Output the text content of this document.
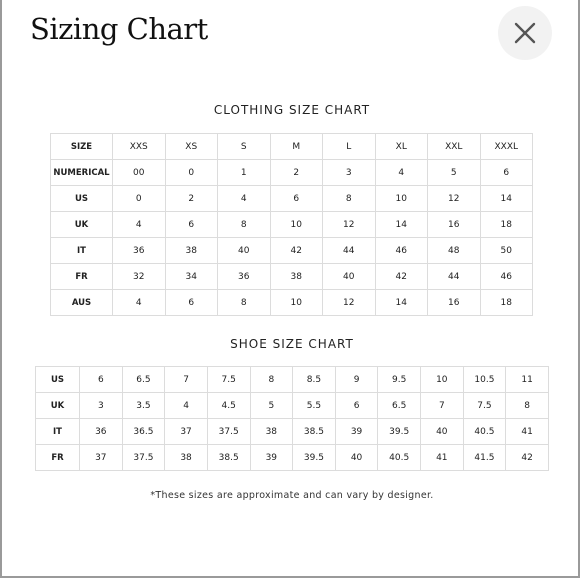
Sizing Chart
CLOTHING SIZE CHART
SIZE	XXS	XS	S	M	L	XL	XXL	XXXL
NUMERICAL	00	0	1	2	3	4	5	6
US	0	2	4	6	8	10	12	14
UK	4	6	8	10	12	14	16	18
IT	36	38	40	42	44	46	48	50
FR	32	34	36	38	40	42	44	46
AUS	4	6	8	10	12	14	16	18
SHOE SIZE CHART
US	6	6.5	7	7.5	8	8.5	9	9.5	10	10.5	11
UK	3	3.5	4	4.5	5	5.5	6	6.5	7	7.5	8
IT	36	36.5	37	37.5	38	38.5	39	39.5	40	40.5	41
FR	37	37.5	38	38.5	39	39.5	40	40.5	41	41.5	42
*These sizes are approximate and can vary by designer.
